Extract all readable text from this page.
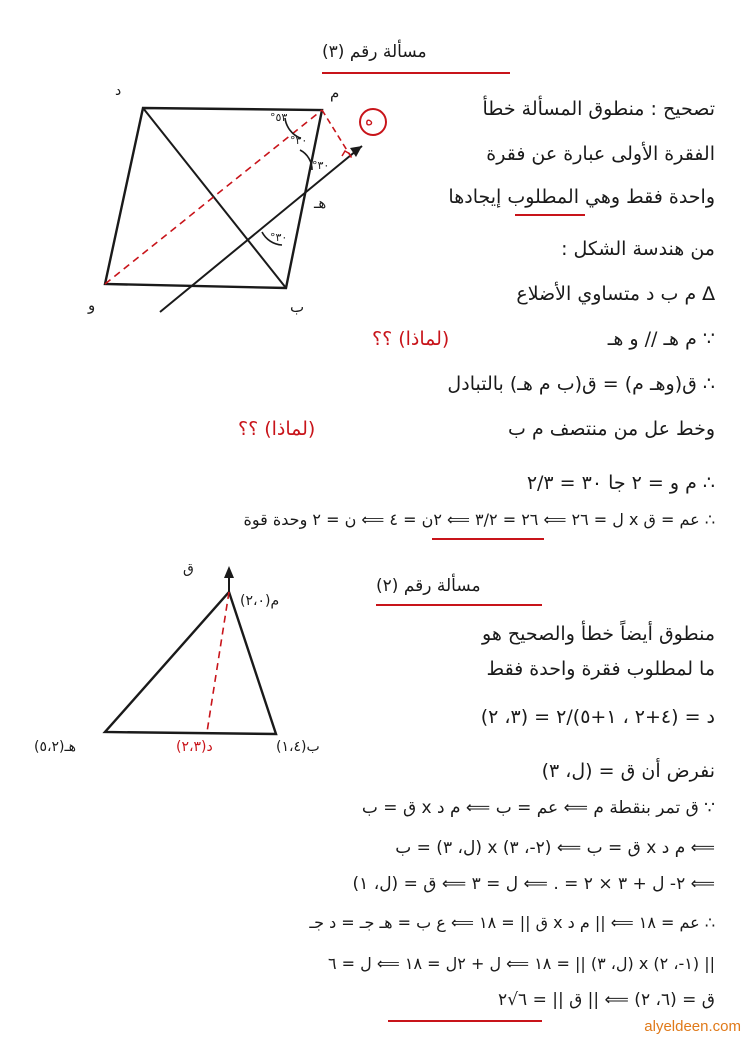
مسألة رقم (٣)
ه
د	م
هـ
ب
و
٥٣°
٣٠°
٣٠°
٣٠°
تصحيح : منطوق المسألة خطأ
الفقرة الأولى عبارة عن فقرة
واحدة فقط وهي المطلوب إيجادها
من هندسة الشكل :
∆ م ب د متساوي الأضلاع
∵ م هـ // و هـ
(لماذا) ؟؟
∴ ق(وهـ م) = ق(ب م هـ) بالتبادل
وخط عل من منتصف م ب
(لماذا) ؟؟
∴ م و = ٢ جا ٣٠ = ٢/٣
∴ عم = ق x ل = ٢٦ ⟸ ٢٦ = ٣/٢ ⟸ ٢ن = ٤ ⟸ ن = ٢ وحدة قوة
مسألة رقم (٢)
ق
م(٢،٠)
هـ(٥،٢)	د(٢،٣)	ب(١،٤)
منطوق أيضاً خطأ والصحيح هو
ما لمطلوب فقرة واحدة فقط
د = (٤+٢ ، ١+٥)/٢ = (٣، ٢)
نفرض أن ق = (ل، ٣)
∵ ق تمر بنقطة م ⟸ عم = ب ⟸ م د x ق = ب
⟸ م د x ق = ب ⟸ (٢-، ٣) x (ل، ٣) = ب
⟸ ٢- ل + ٣ × ٢ = . ⟸ ل = ٣ ⟸ ق = (ل، ١)
∴ عم = ١٨ ⟸ || م د x ق || = ١٨ ⟸ ع ب = هـ جـ = د جـ
|| (١-، ٢) x (ل، ٣) || = ١٨ ⟸ ل + ٢ل = ١٨ ⟸ ل = ٦
ق = (٦، ٢) ⟸ || ق || = ٦√٢
alyeldeen.com
